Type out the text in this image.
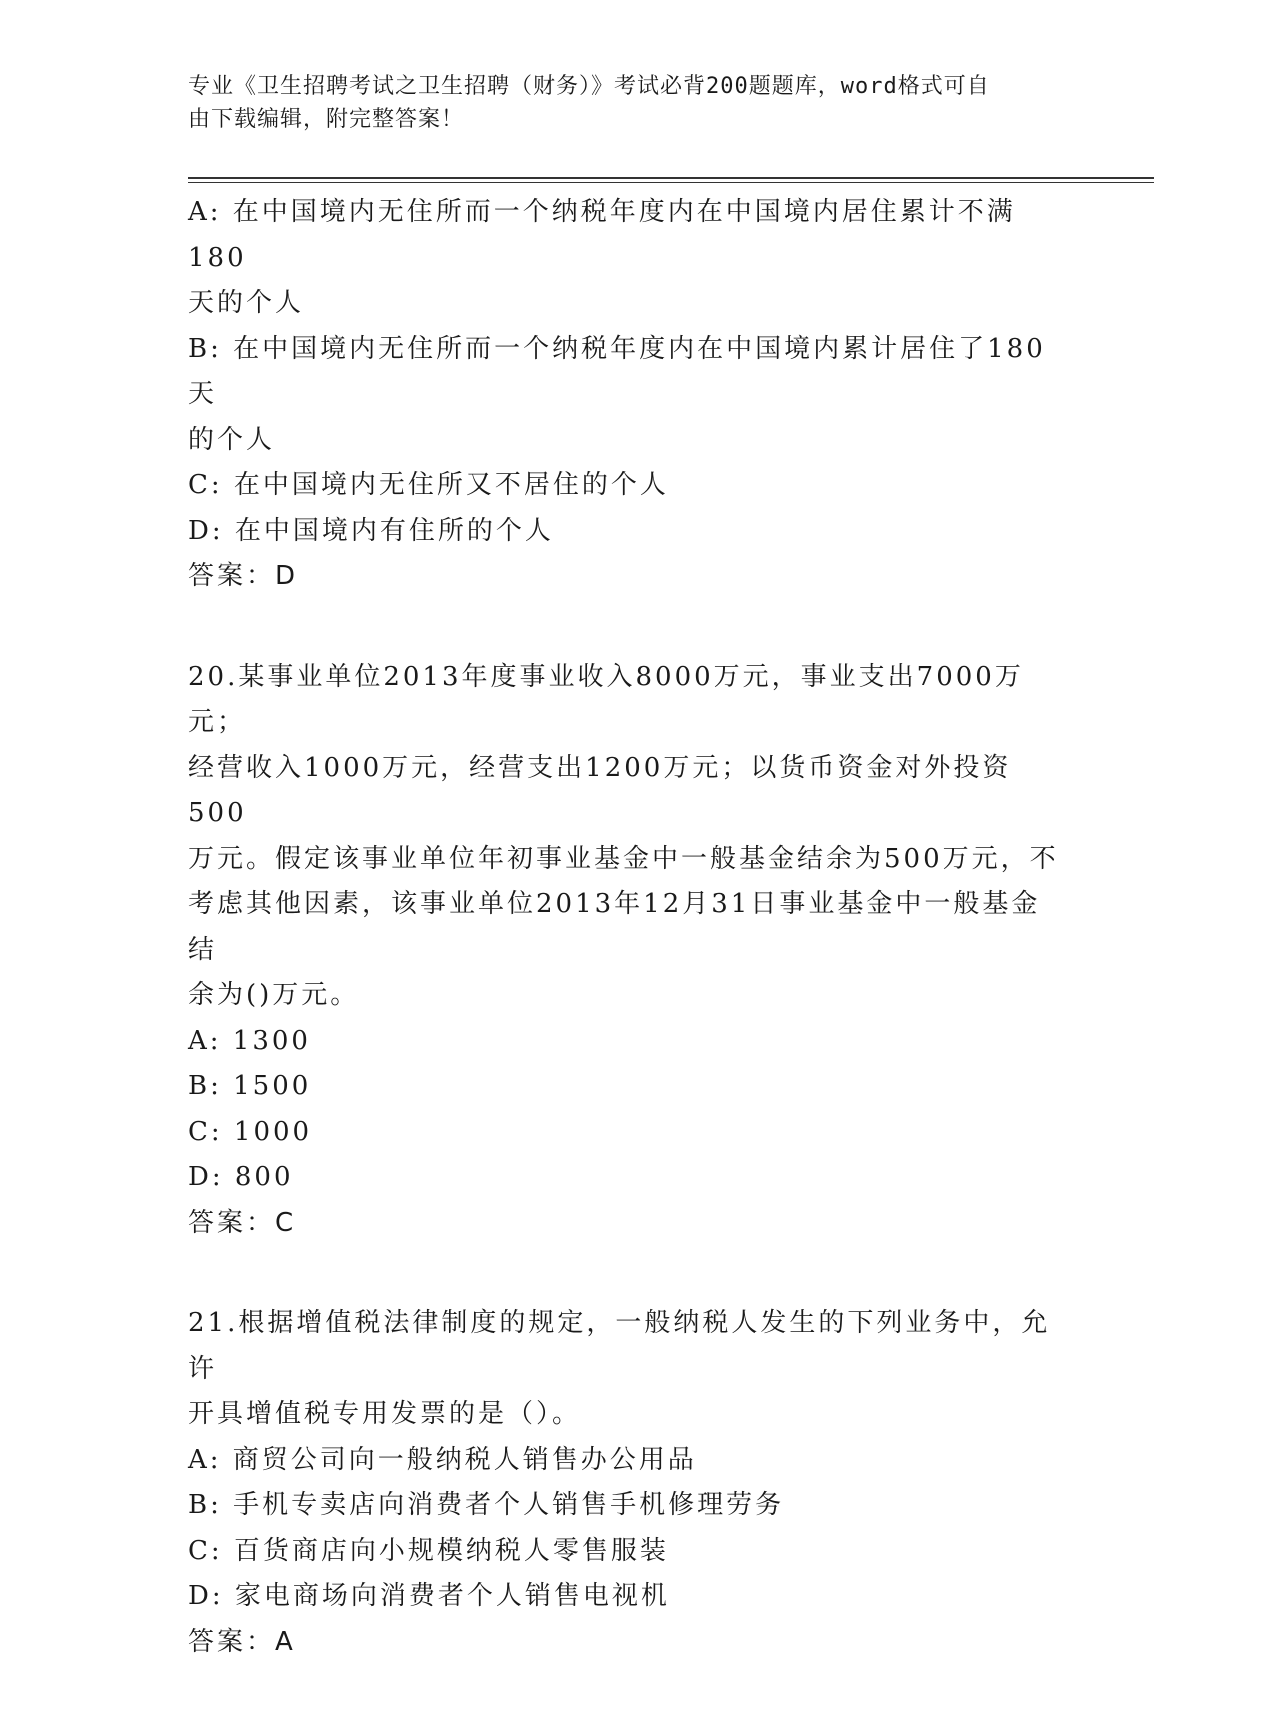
专业《卫生招聘考试之卫生招聘（财务）》考试必背200题题库，word格式可自
由下载编辑，附完整答案！

A: 在中国境内无住所而一个纳税年度内在中国境内居住累计不满180

天的个人

B: 在中国境内无住所而一个纳税年度内在中国境内累计居住了180天

的个人

C: 在中国境内无住所又不居住的个人

D: 在中国境内有住所的个人

答案：D

20.某事业单位2013年度事业收入8000万元，事业支出7000万元；

经营收入1000万元，经营支出1200万元；以货币资金对外投资500

万元。假定该事业单位年初事业基金中一般基金结余为500万元，不

考虑其他因素，该事业单位2013年12月31日事业基金中一般基金结

余为()万元。

A: 1300

B: 1500

C: 1000

D: 800

答案：C

21.根据增值税法律制度的规定，一般纳税人发生的下列业务中，允许

开具增值税专用发票的是（）。

A: 商贸公司向一般纳税人销售办公用品

B: 手机专卖店向消费者个人销售手机修理劳务

C: 百货商店向小规模纳税人零售服装

D: 家电商场向消费者个人销售电视机

答案：A
